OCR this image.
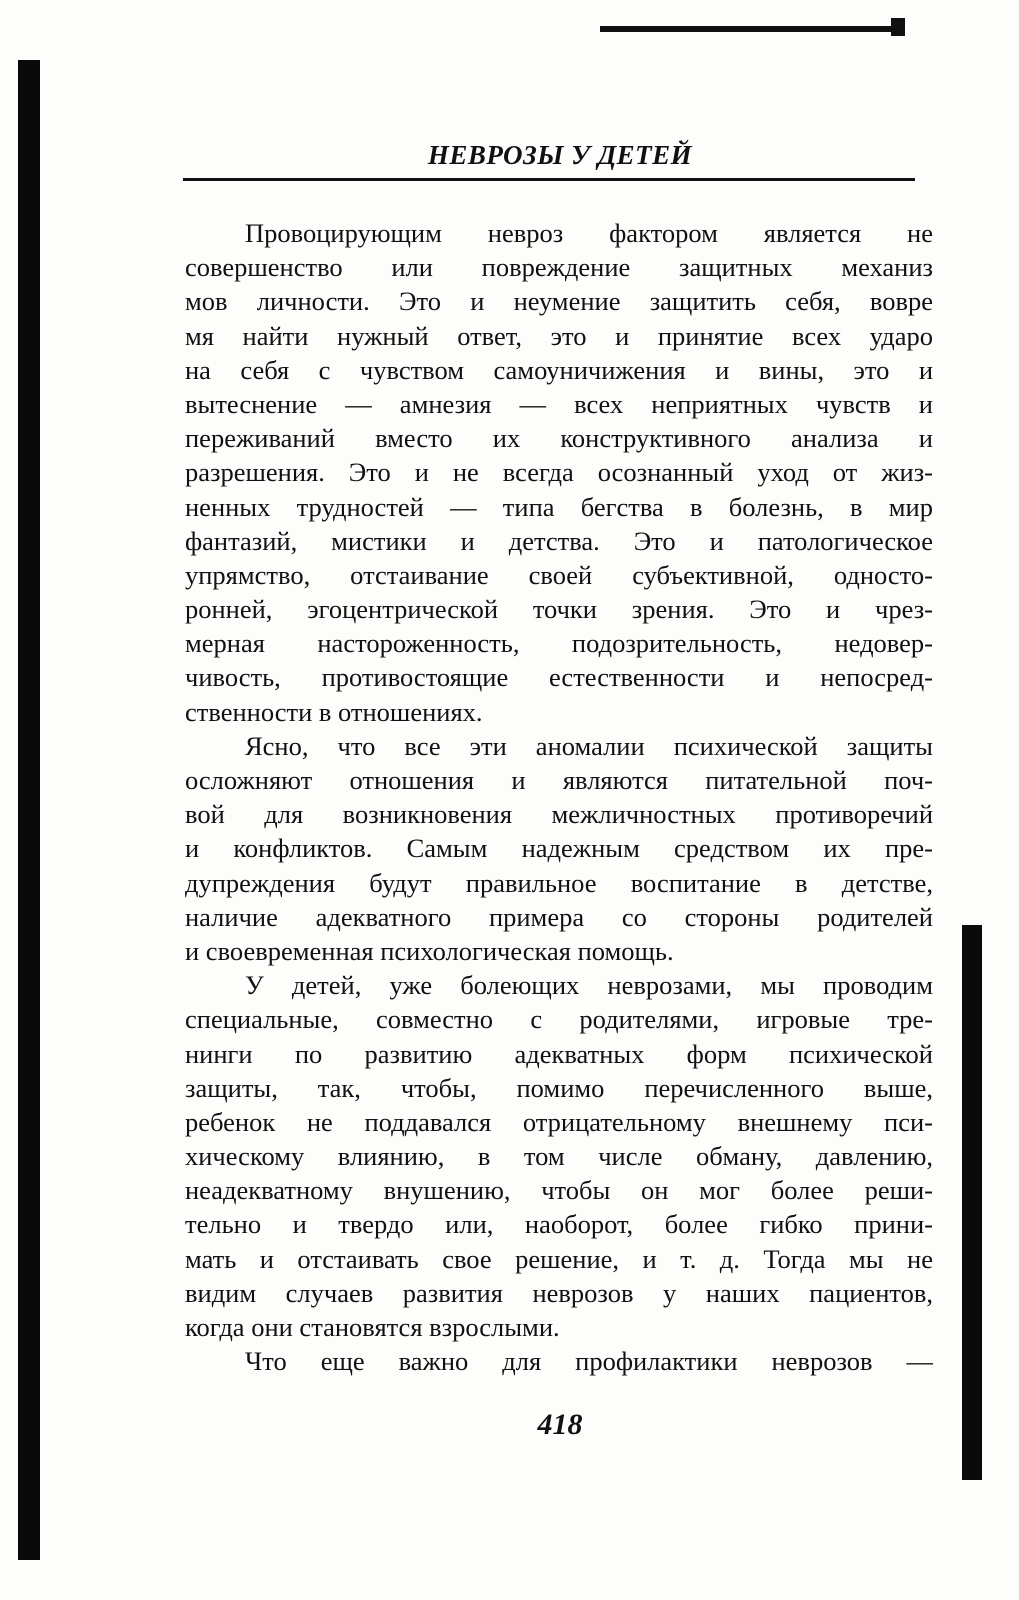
НЕВРОЗЫ У ДЕТЕЙ
Провоцирующим невроз фактором является не
совершенство или повреждение защитных механиз
мов личности. Это и неумение защитить себя, вовре
мя найти нужный ответ, это и принятие всех ударо
на себя с чувством самоуничижения и вины, это и
вытеснение — амнезия — всех неприятных чувств и
переживаний вместо их конструктивного анализа и
разрешения. Это и не всегда осознанный уход от жиз-
ненных трудностей — типа бегства в болезнь, в мир
фантазий, мистики и детства. Это и патологическое
упрямство, отстаивание своей субъективной, односто-
ронней, эгоцентрической точки зрения. Это и чрез-
мерная настороженность, подозрительность, недовер-
чивость, противостоящие естественности и непосред-
ственности в отношениях.
Ясно, что все эти аномалии психической защиты
осложняют отношения и являются питательной поч-
вой для возникновения межличностных противоречий
и конфликтов. Самым надежным средством их пре-
дупреждения будут правильное воспитание в детстве,
наличие адекватного примера со стороны родителей
и своевременная психологическая помощь.
У детей, уже болеющих неврозами, мы проводим
специальные, совместно с родителями, игровые тре-
нинги по развитию адекватных форм психической
защиты, так, чтобы, помимо перечисленного выше,
ребенок не поддавался отрицательному внешнему пси-
хическому влиянию, в том числе обману, давлению,
неадекватному внушению, чтобы он мог более реши-
тельно и твердо или, наоборот, более гибко прини-
мать и отстаивать свое решение, и т. д. Тогда мы не
видим случаев развития неврозов у наших пациентов,
когда они становятся взрослыми.
Что еще важно для профилактики неврозов —
418
